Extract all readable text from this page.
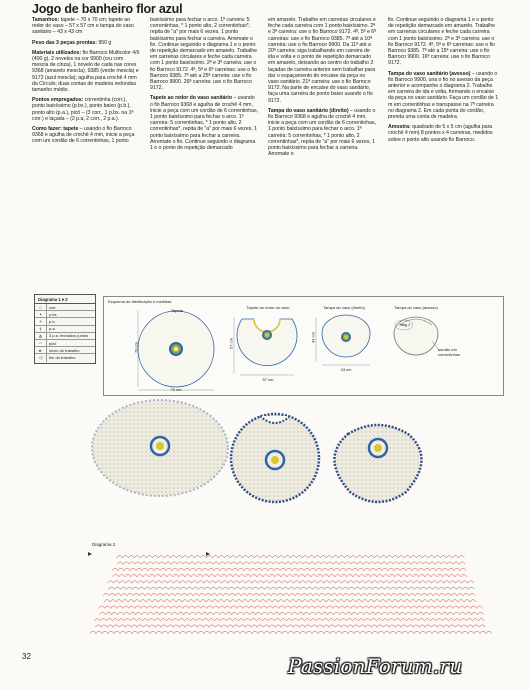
Jogo de banheiro flor azul

Tamanhos: tapete – 70 x 70 cm; tapete ao redor do vaso – 57 x 57 cm e tampa do vaso sanitário – 43 x 43 cm

Peso das 3 peças prontas: 950 g

Materiais utilizados: fio Barroco Multicolor 4/6 (400 g), 2 novelos na cor 9900 (cru com mescla de cinza), 1 novelo de cada nas cores 9368 (amarelo mescla), 9385 (verde mescla) e 9172 (azul mescla); agulha para crochê 4 mm da Círculo; duas contas de madeira redondas tamanho médio.

Pontos empregados: correntinha (corr.), ponto baixíssimo (p.bx.), ponto baixo (p.b.), ponto alto (p.a.), picô – (3 corr., 1 p.bx. na 1ª corr.) e laçada – (2 p.a, 2 corr., 2 p.a.).

Como fazer: tapete – usando o fio Barroco 9368 e agulha de crochê 4 mm, inicie a peça com um cordão de 6 correntinhas, 1 ponto

baixíssimo para fechar o arco. 1ª carreira: 5 correntinhas, * 1 ponto alto, 2 correntinhas*, repita de "a" por mais 6 vezes, 1 ponto baixíssimo para fechar a carreira. Arremate o fio. Continue seguindo o diagrama 1 e o ponto de repetição demarcado em amarelo. Trabalhe em carreiras circulares e feche cada carreira com 1 ponto baixíssimo. 2ª e 3ª carreira: use o fio Barroco 9172. 4ª, 5ª e 6ª carreiras: use o fio Barroco 9385. 7ª até a 25ª carreira: use o fio Barroco 9900. 26ª carreira: use o fio Barroco 9172.

Tapete ao redor do vaso sanitário – usando o fio Barroco 9368 e agulha de crochê 4 mm, inicie a peça com um cordão de 6 correntinhas, 1 ponto baixíssimo para fechar o arco. 1ª carreira: 5 correntinhas, * 1 ponto alto, 2 correntinhas*, repita de "a" por mais 6 vezes, 1 ponto baixíssimo para fechar a carreira. Arremate o fio. Continue seguindo o diagrama 1 e o ponto de repetição demarcado

em amarelo. Trabalhe em carreiras circulares e feche cada carreira com 1 ponto baixíssimo. 2ª e 3ª carreira: use o fio Barroco 9172. 4ª, 5ª e 6ª carreiras: use o fio Barroco 9385. 7ª até a 10ª carreira: use o fio Barroco 9900. Da 11ª até a 20ª carreira: siga trabalhando em carreira de ida e volta e o ponto de repetição demarcado em amarelo, deixando ao centro do trabalho 2 laçadas de carreira anterior sem trabalhar para dar o espaçamento do encaixe da peça no vaso sanitário. 21ª carreira: use o fio Barroco 9172. Na parte de encaixe do vaso sanitário, faça uma carreira de ponto baixo usando o fio 9172.

Tampa do vaso sanitário (direito) – usando o fio Barroco 9368 e agulha de crochê 4 mm, inicie a peça com um cordão de 6 correntinhas, 1 ponto baixíssimo para fechar o arco. 1ª carreira: 5 correntinhas, * 1 ponto alto, 2 correntinhas*, repita de "a" por mais 6 vezes, 1 ponto baixíssimo para fechar a carreira. Arremate o

fio. Continue seguindo o diagrama 1 e o ponto de repetição demarcado em amarelo. Trabalhe em carreiras circulares e feche cada carreira com 1 ponto baixíssimo. 2ª e 3ª carreira: use o fio Barroco 9172. 4ª, 5ª e 6ª carreiras: use o fio Barroco 9385. 7ª até a 15ª carreira: use o fio Barroco 9900. 16ª carreira: use o fio Barroco 9172.

Tampa do vaso sanitário (avesso) – usando o fio Barroco 9900, una o fio no avesso da peça anterior e acompanhe o diagrama 2. Trabalhe em carreira de ida e volta, formando o encaixe da peça no vaso sanitário. Faça um cordão de 1 m em correntinhas e transpasse na 7ª carreira no diagrama 2. Em cada ponta do cordão, prenda uma conta de madeira.

Amostra: quadrado de 5 x 5 cm (agulha para crochê 4 mm) 8 pontos x 4 carreiras, medidos sobre o ponto alto usando fio Barroco.

Diagrama 1 e 2
○	corr.
•	p.bx.
+	p.b.
†	p.a.
⋔	3 p.a. fechados juntos
ᴖ	picô
▸	início do trabalho
◁	fim do trabalho
Esquema de distribuição e medidas
Tapete
Tapete ao redor do vaso	Tampa do vaso (direito)	Tampa do vaso (avesso)
70 cm
70 cm
57 cm
57 cm
43 cm
43 cm
diag 2
cordão em correntinhas
Diagrama 2
32	PassionForum.ru
